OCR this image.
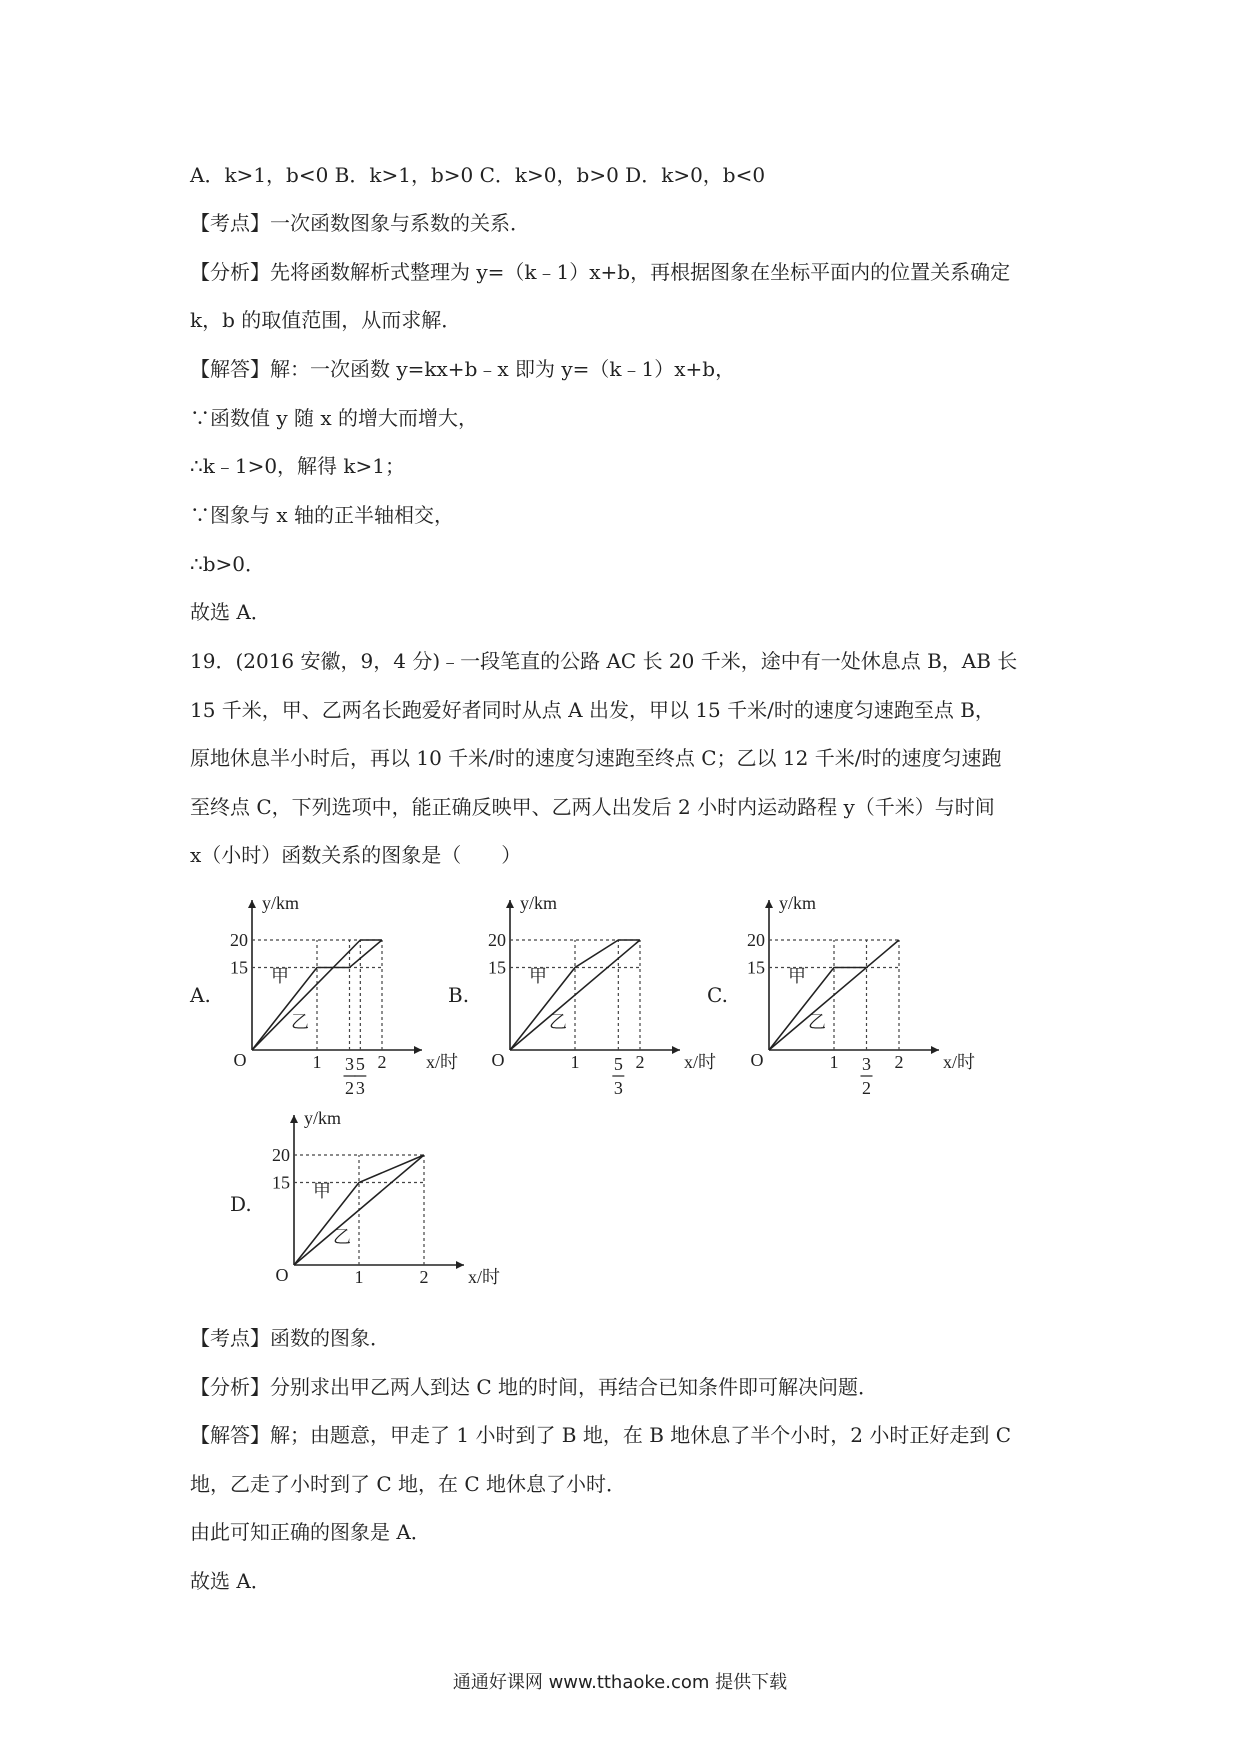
A．k>1，b<0 B．k>1，b>0 C．k>0，b>0 D．k>0，b<0
【考点】一次函数图象与系数的关系．
【分析】先将函数解析式整理为 y=（k﹣1）x+b，再根据图象在坐标平面内的位置关系确定
k，b 的取值范围，从而求解．
【解答】解：一次函数 y=kx+b﹣x 即为 y=（k﹣1）x+b，
∵函数值 y 随 x 的增大而增大，
∴k﹣1>0，解得 k>1；
∵图象与 x 轴的正半轴相交，
∴b>0．
故选 A．
19．(2016 安徽，9，4 分)﹣一段笔直的公路 AC 长 20 千米，途中有一处休息点 B，AB 长
15 千米，甲、乙两名长跑爱好者同时从点 A 出发，甲以 15 千米/时的速度匀速跑至点 B，
原地休息半小时后，再以 10 千米/时的速度匀速跑至终点 C；乙以 12 千米/时的速度匀速跑
至终点 C，下列选项中，能正确反映甲、乙两人出发后 2 小时内运动路程 y（千米）与时间
x（小时）函数关系的图象是（　　）
A.	B.	C.
D.
y/km
x/时
O
20
15
1 3
2
5
3
2
甲
乙
y/km
x/时
O
20
15
1 5
3
2
甲
乙
y/km
x/时
O
20
15
1 3
2
2
甲
乙
y/km
x/时
O
20
15
1	2
甲
乙
【考点】函数的图象．
【分析】分别求出甲乙两人到达 C 地的时间，再结合已知条件即可解决问题．
【解答】解；由题意，甲走了 1 小时到了 B 地，在 B 地休息了半个小时，2 小时正好走到 C
地，乙走了小时到了 C 地，在 C 地休息了小时．
由此可知正确的图象是 A．
故选 A．
通通好课网 www.tthaoke.com 提供下载
